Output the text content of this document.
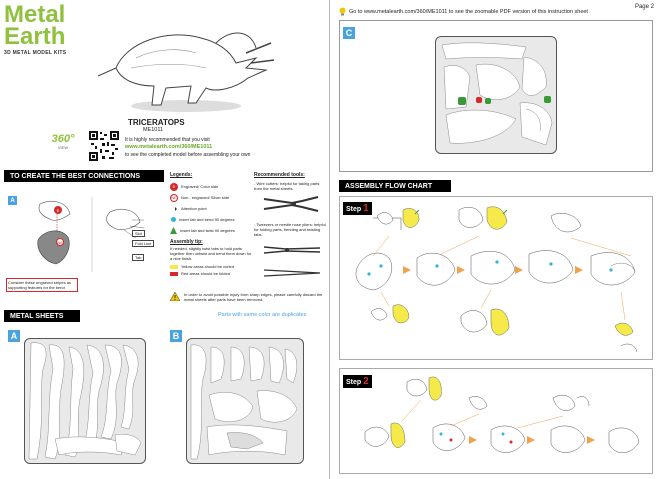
Metal
Earth
3D METAL MODEL KITS
TRICERATOPS
ME1011
360°
VIEW
It is highly recommended that you visit
www.metalearth.com/360/ME1011
to see the completed model before assembling your own
TO CREATE THE BEST CONNECTIONS
A
E
NE
Slot
Fold Line
Tab
Consider these engraved stripes as supporting features for the bend
Legends:
E	Engraved/ Color side
NE	Non - engraved/ Silver side
Attention point
Insert tab and bend 90 degrees
Insert tab and twist 90 degrees
Assembly tip:
If needed, slightly twist tabs to hold parts together then untwist and bend them down for a nice finish.
Yellow areas should be curled
Red areas should be folded
Recommended tools:
- Wire cutters: helpful for taking parts from the metal sheets.
- Tweezers or needle nose pliers: helpful for folding parts, bending and twisting tabs.

In order to avoid possible injury from sharp edges, please carefully discard the metal sheets after parts have been removed.
METAL SHEETS	Parts with same color are duplicates
A	B
Go to www.metalearth.com/360/ME1011 to see the zoomable PDF version of this instruction sheet
Page 2
C
ASSEMBLY FLOW CHART
Step 1
Step 2
